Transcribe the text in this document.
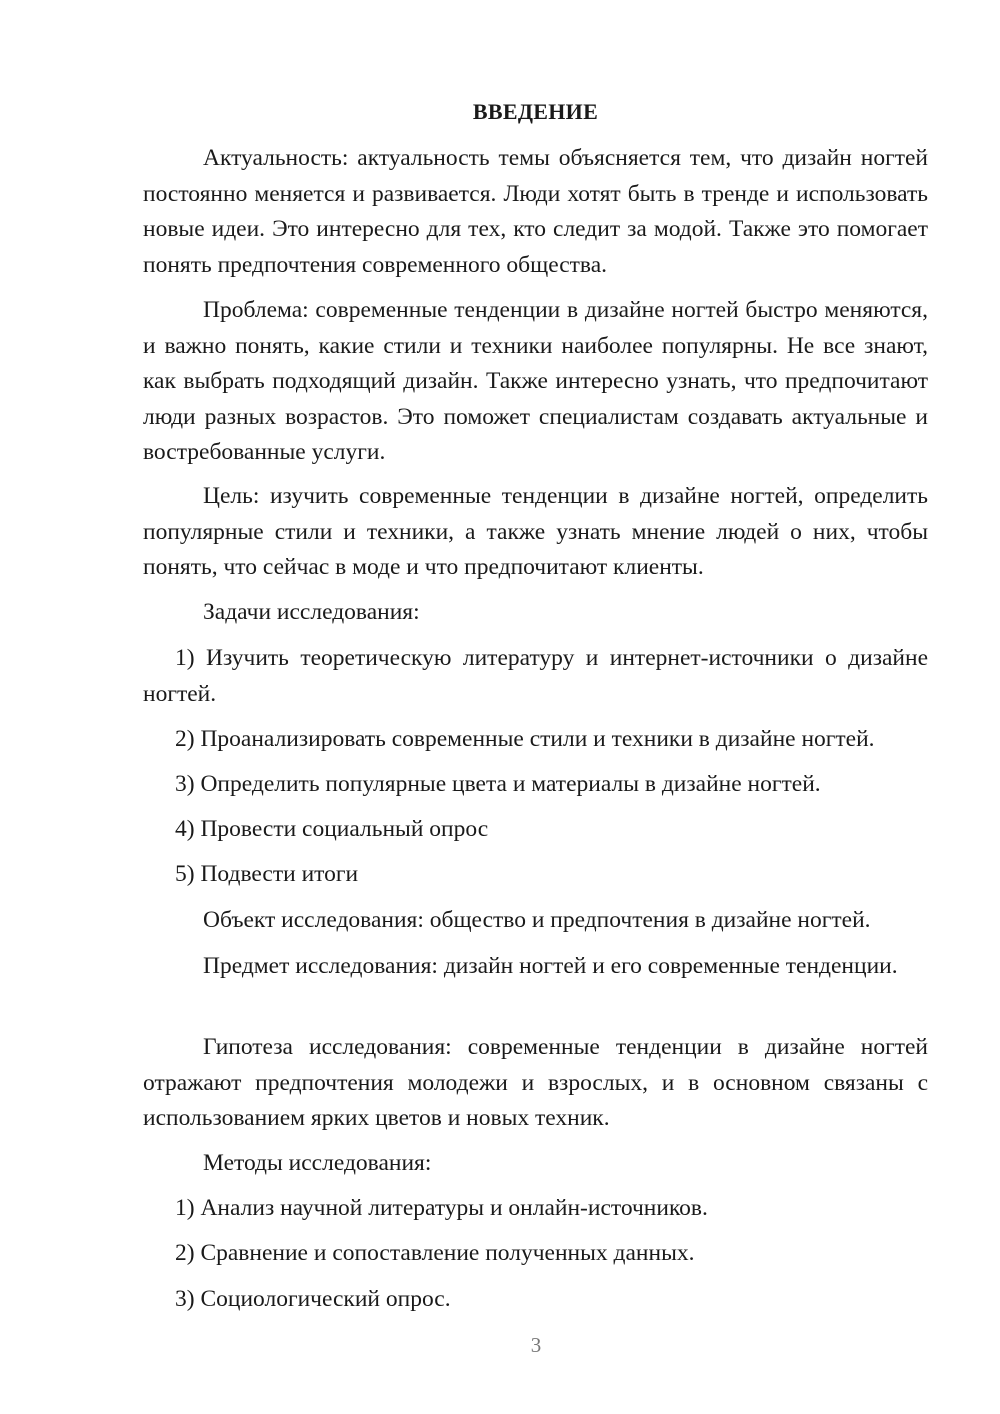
ВВЕДЕНИЕ

Актуальность: актуальность темы объясняется тем, что дизайн ногтей постоянно меняется и развивается. Люди хотят быть в тренде и использовать новые идеи. Это интересно для тех, кто следит за модой. Также это помогает понять предпочтения современного общества.

Проблема: современные тенденции в дизайне ногтей быстро меняются, и важно понять, какие стили и техники наиболее популярны. Не все знают, как выбрать подходящий дизайн. Также интересно узнать, что предпочитают люди разных возрастов. Это поможет специалистам создавать актуальные и востребованные услуги.

Цель: изучить современные тенденции в дизайне ногтей, определить популярные стили и техники, а также узнать мнение людей о них, чтобы понять, что сейчас в моде и что предпочитают клиенты.

Задачи исследования:

1) Изучить теоретическую литературу и интернет-источники о дизайне ногтей.

2) Проанализировать современные стили и техники в дизайне ногтей.

3) Определить популярные цвета и материалы в дизайне ногтей.

4) Провести социальный опрос

5) Подвести итоги

Объект исследования: общество и предпочтения в дизайне ногтей.

Предмет исследования: дизайн ногтей и его современные тенденции.

Гипотеза исследования: современные тенденции в дизайне ногтей отражают предпочтения молодежи и взрослых, и в основном связаны с использованием ярких цветов и новых техник.

Методы исследования:

1) Анализ научной литературы и онлайн-источников.

2) Сравнение и сопоставление полученных данных.

3) Социологический опрос.

3
